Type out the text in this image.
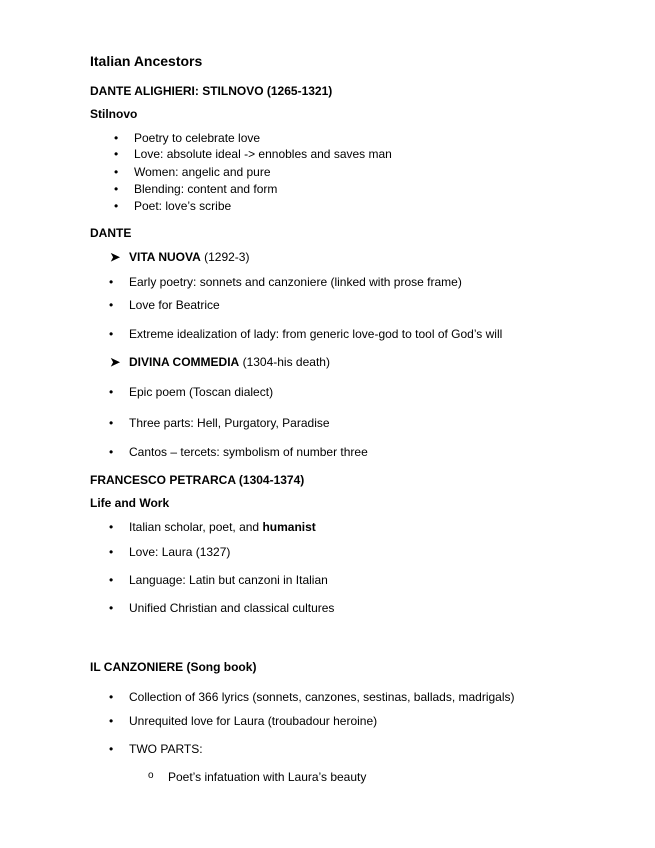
Italian Ancestors
DANTE ALIGHIERI: STILNOVO (1265-1321)
Stilnovo
• Poetry to celebrate love
• Love: absolute ideal -> ennobles and saves man
• Women: angelic and pure
• Blending: content and form
• Poet: love’s scribe
DANTE
➤ VITA NUOVA (1292-3)
• Early poetry: sonnets and canzoniere (linked with prose frame)
• Love for Beatrice
• Extreme idealization of lady: from generic love-god to tool of God’s will
➤ DIVINA COMMEDIA (1304-his death)
• Epic poem (Toscan dialect)
• Three parts: Hell, Purgatory, Paradise
• Cantos – tercets: symbolism of number three
FRANCESCO PETRARCA (1304-1374)
Life and Work
• Italian scholar, poet, and humanist
• Love: Laura (1327)
• Language: Latin but canzoni in Italian
• Unified Christian and classical cultures
IL CANZONIERE (Song book)
• Collection of 366 lyrics (sonnets, canzones, sestinas, ballads, madrigals)
• Unrequited love for Laura (troubadour heroine)
• TWO PARTS:
o Poet’s infatuation with Laura’s beauty
